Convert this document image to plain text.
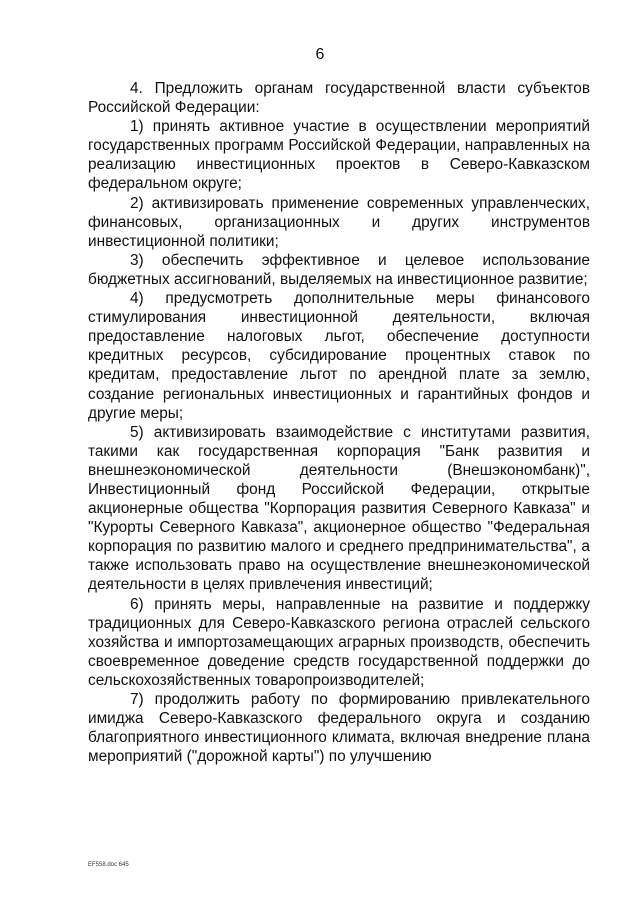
6

4. Предложить органам государственной власти субъектов Российской Федерации:

1) принять активное участие в осуществлении мероприятий государственных программ Российской Федерации, направленных на реализацию инвестиционных проектов в Северо-Кавказском федеральном округе;

2) активизировать применение современных управленческих, финансовых, организационных и других инструментов инвестиционной политики;

3) обеспечить эффективное и целевое использование бюджетных ассигнований, выделяемых на инвестиционное развитие;

4) предусмотреть дополнительные меры финансового стимулирования инвестиционной деятельности, включая предоставление налоговых льгот, обеспечение доступности кредитных ресурсов, субсидирование процентных ставок по кредитам, предоставление льгот по арендной плате за землю, создание региональных инвестиционных и гарантийных фондов и другие меры;

5) активизировать взаимодействие с институтами развития, такими как государственная корпорация "Банк развития и внешнеэкономической деятельности (Внешэкономбанк)", Инвестиционный фонд Российской Федерации, открытые акционерные общества "Корпорация развития Северного Кавказа" и "Курорты Северного Кавказа", акционерное общество "Федеральная корпорация по развитию малого и среднего предпринимательства", а также использовать право на осуществление внешнеэкономической деятельности в целях привлечения инвестиций;

6) принять меры, направленные на развитие и поддержку традиционных для Северо-Кавказского региона отраслей сельского хозяйства и импортозамещающих аграрных производств, обеспечить своевременное доведение средств государственной поддержки до сельскохозяйственных товаропроизводителей;

7) продолжить работу по формированию привлекательного имиджа Северо-Кавказского федерального округа и созданию благоприятного инвестиционного климата, включая внедрение плана мероприятий ("дорожной карты") по улучшению

EF558.doc 645
